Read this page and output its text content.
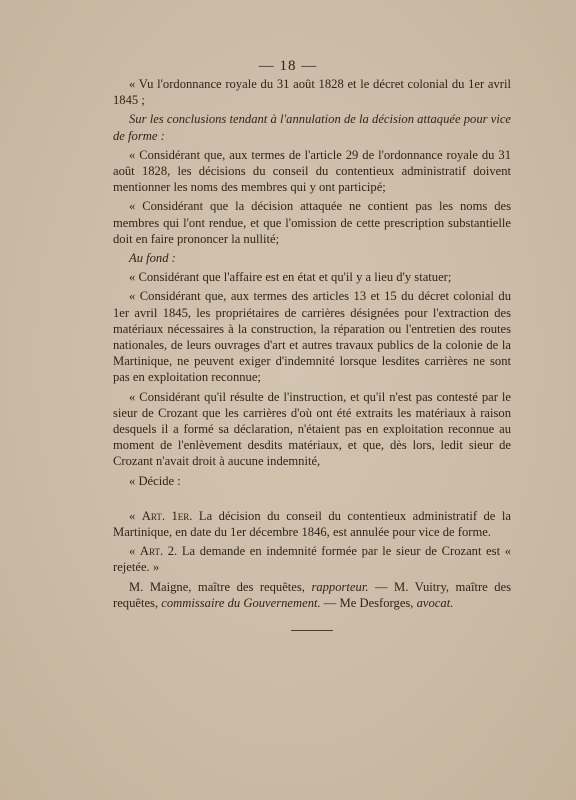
— 18 —

« Vu l'ordonnance royale du 31 août 1828 et le décret colonial du 1er avril 1845 ;

Sur les conclusions tendant à l'annulation de la décision attaquée pour vice de forme :

« Considérant que, aux termes de l'article 29 de l'ordonnance royale du 31 août 1828, les décisions du conseil du contentieux administratif doivent mentionner les noms des membres qui y ont participé;

« Considérant que la décision attaquée ne contient pas les noms des membres qui l'ont rendue, et que l'omission de cette prescription substantielle doit en faire prononcer la nullité;

Au fond :

« Considérant que l'affaire est en état et qu'il y a lieu d'y statuer;

« Considérant que, aux termes des articles 13 et 15 du décret colonial du 1er avril 1845, les propriétaires de carrières désignées pour l'extraction des matériaux nécessaires à la construction, la réparation ou l'entretien des routes nationales, de leurs ouvrages d'art et autres travaux publics de la colonie de la Martinique, ne peuvent exiger d'indemnité lorsque lesdites carrières ne sont pas en exploitation reconnue;

« Considérant qu'il résulte de l'instruction, et qu'il n'est pas contesté par le sieur de Crozant que les carrières d'où ont été extraits les matériaux à raison desquels il a formé sa déclaration, n'étaient pas en exploitation reconnue au moment de l'enlèvement desdits matériaux, et que, dès lors, ledit sieur de Crozant n'avait droit à aucune indemnité,

« Décide :

« Art. 1er. La décision du conseil du contentieux administratif de la Martinique, en date du 1er décembre 1846, est annulée pour vice de forme.

« Art. 2. La demande en indemnité formée par le sieur de Crozant est « rejetée. »

M. Maigne, maître des requêtes, rapporteur. — M. Vuitry, maître des requêtes, commissaire du Gouvernement. — Me Desforges, avocat.
